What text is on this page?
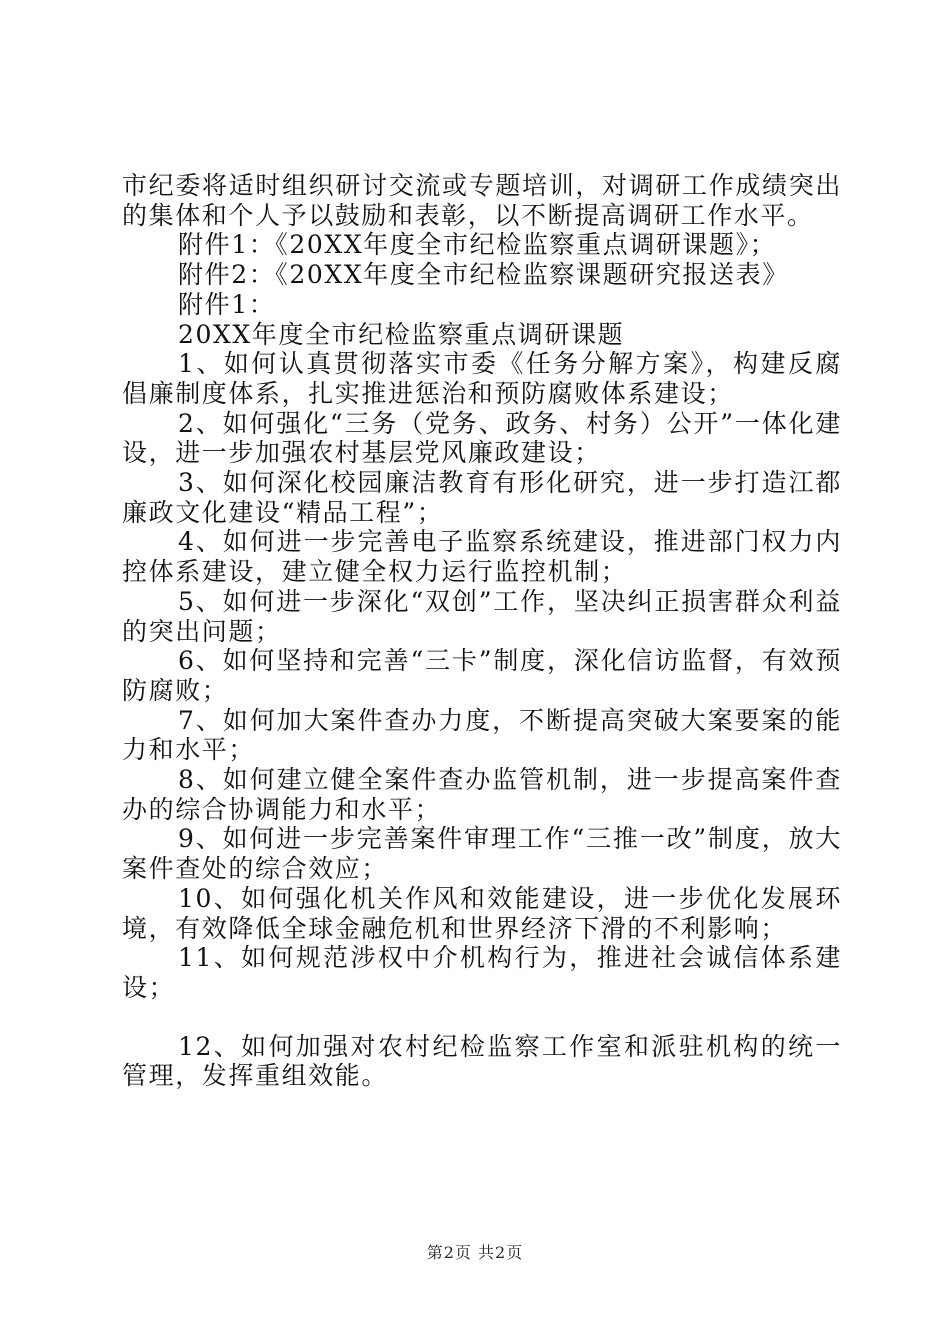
市纪委将适时组织研讨交流或专题培训，对调研工作成绩突出的集体和个人予以鼓励和表彰，以不断提高调研工作水平。

附件1：《20XX年度全市纪检监察重点调研课题》；

附件2：《20XX年度全市纪检监察课题研究报送表》

附件1：

20XX年度全市纪检监察重点调研课题

1、如何认真贯彻落实市委《任务分解方案》，构建反腐倡廉制度体系，扎实推进惩治和预防腐败体系建设；

2、如何强化“三务（党务、政务、村务）公开”一体化建设，进一步加强农村基层党风廉政建设；

3、如何深化校园廉洁教育有形化研究，进一步打造江都廉政文化建设“精品工程”；

4、如何进一步完善电子监察系统建设，推进部门权力内控体系建设，建立健全权力运行监控机制；

5、如何进一步深化“双创”工作，坚决纠正损害群众利益的突出问题；

6、如何坚持和完善“三卡”制度，深化信访监督，有效预防腐败；

7、如何加大案件查办力度，不断提高突破大案要案的能力和水平；

8、如何建立健全案件查办监管机制，进一步提高案件查办的综合协调能力和水平；

9、如何进一步完善案件审理工作“三推一改”制度，放大案件查处的综合效应；

10、如何强化机关作风和效能建设，进一步优化发展环境，有效降低全球金融危机和世界经济下滑的不利影响；

11、如何规范涉权中介机构行为，推进社会诚信体系建设；

12、如何加强对农村纪检监察工作室和派驻机构的统一管理，发挥重组效能。

第2页 共2页
